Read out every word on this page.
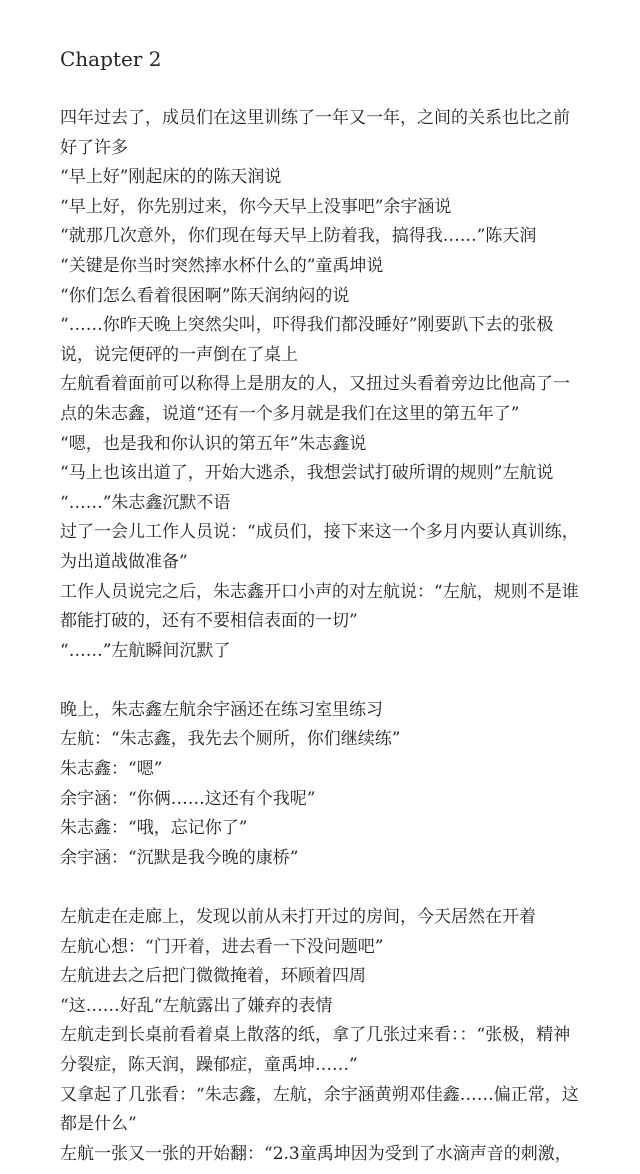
Chapter 2

四年过去了，成员们在这里训练了一年又一年，之间的关系也比之前好了许多

“早上好”刚起床的的陈天润说

“早上好，你先别过来，你今天早上没事吧”余宇涵说

“就那几次意外，你们现在每天早上防着我，搞得我……”陈天润

“关键是你当时突然摔水杯什么的”童禹坤说

“你们怎么看着很困啊”陈天润纳闷的说

“……你昨天晚上突然尖叫，吓得我们都没睡好”刚要趴下去的张极说，说完便砰的一声倒在了桌上

左航看着面前可以称得上是朋友的人，又扭过头看着旁边比他高了一点的朱志鑫，说道“还有一个多月就是我们在这里的第五年了”

“嗯，也是我和你认识的第五年”朱志鑫说

“马上也该出道了，开始大逃杀，我想尝试打破所谓的规则”左航说

“……”朱志鑫沉默不语

过了一会儿工作人员说：“成员们，接下来这一个多月内要认真训练，为出道战做准备”

工作人员说完之后，朱志鑫开口小声的对左航说：“左航，规则不是谁都能打破的，还有不要相信表面的一切”

“……”左航瞬间沉默了

晚上，朱志鑫左航余宇涵还在练习室里练习

左航：“朱志鑫，我先去个厕所，你们继续练”

朱志鑫：“嗯”

余宇涵：“你俩……这还有个我呢”

朱志鑫：“哦，忘记你了”

余宇涵：“沉默是我今晚的康桥”

左航走在走廊上，发现以前从未打开过的房间，今天居然在开着

左航心想：“门开着，进去看一下没问题吧”

左航进去之后把门微微掩着，环顾着四周

“这……好乱“左航露出了嫌弃的表情

左航走到长桌前看着桌上散落的纸，拿了几张过来看：：“张极，精神分裂症，陈天润，躁郁症，童禹坤……”

又拿起了几张看：“朱志鑫，左航，余宇涵黄朔邓佳鑫……偏正常，这都是什么”

左航一张又一张的开始翻：“2.3童禹坤因为受到了水滴声音的刺激，
